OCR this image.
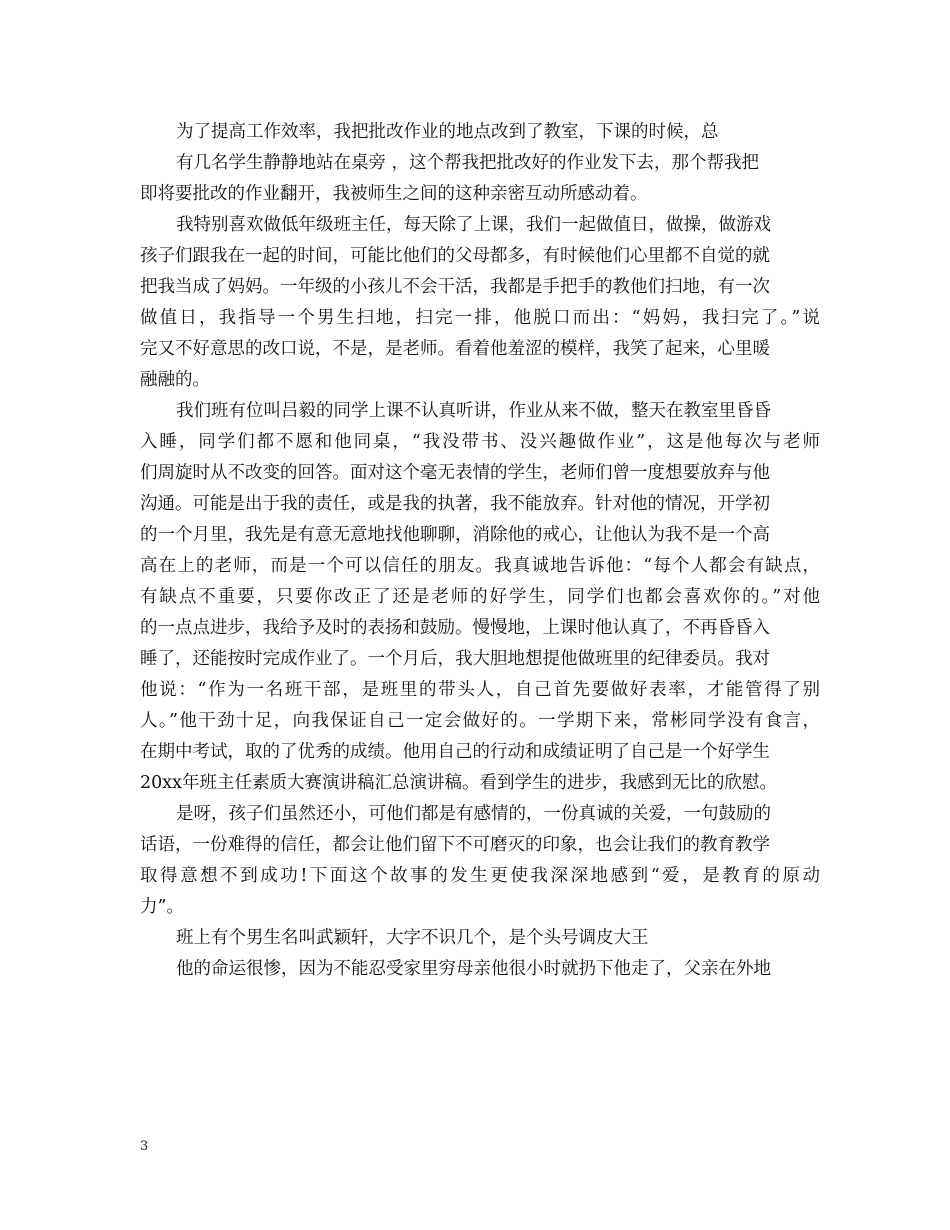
为了提高工作效率，我把批改作业的地点改到了教室，下课的时候，总
有几名学生静静地站在桌旁 ，这个帮我把批改好的作业发下去，那个帮我把
即将要批改的作业翻开，我被师生之间的这种亲密互动所感动着。
我特别喜欢做低年级班主任，每天除了上课，我们一起做值日，做操，做游戏
孩子们跟我在一起的时间，可能比他们的父母都多，有时候他们心里都不自觉的就
把我当成了妈妈。一年级的小孩儿不会干活，我都是手把手的教他们扫地，有一次
做值日，我指导一个男生扫地，扫完一排，他脱口而出：“妈妈，我扫完了。”说
完又不好意思的改口说，不是，是老师。看着他羞涩的模样，我笑了起来，心里暖
融融的。
我们班有位叫吕毅的同学上课不认真听讲，作业从来不做，整天在教室里昏昏
入睡，同学们都不愿和他同桌，“我没带书、没兴趣做作业”，这是他每次与老师
们周旋时从不改变的回答。面对这个毫无表情的学生，老师们曾一度想要放弃与他
沟通。可能是出于我的责任，或是我的执著，我不能放弃。针对他的情况，开学初
的一个月里，我先是有意无意地找他聊聊，消除他的戒心，让他认为我不是一个高
高在上的老师，而是一个可以信任的朋友。我真诚地告诉他：“每个人都会有缺点，
有缺点不重要，只要你改正了还是老师的好学生，同学们也都会喜欢你的。”对他
的一点点进步，我给予及时的表扬和鼓励。慢慢地，上课时他认真了，不再昏昏入
睡了，还能按时完成作业了。一个月后，我大胆地想提他做班里的纪律委员。我对
他说：“作为一名班干部，是班里的带头人，自己首先要做好表率，才能管得了别
人。”他干劲十足，向我保证自己一定会做好的。一学期下来，常彬同学没有食言，
在期中考试，取的了优秀的成绩。他用自己的行动和成绩证明了自己是一个好学生
20xx年班主任素质大赛演讲稿汇总演讲稿。看到学生的进步，我感到无比的欣慰。
是呀，孩子们虽然还小，可他们都是有感情的，一份真诚的关爱，一句鼓励的
话语，一份难得的信任，都会让他们留下不可磨灭的印象，也会让我们的教育教学
取得意想不到成功!下面这个故事的发生更使我深深地感到“爱，是教育的原动
力”。
班上有个男生名叫武颖轩，大字不识几个，是个头号调皮大王
他的命运很惨，因为不能忍受家里穷母亲他很小时就扔下他走了，父亲在外地
3
